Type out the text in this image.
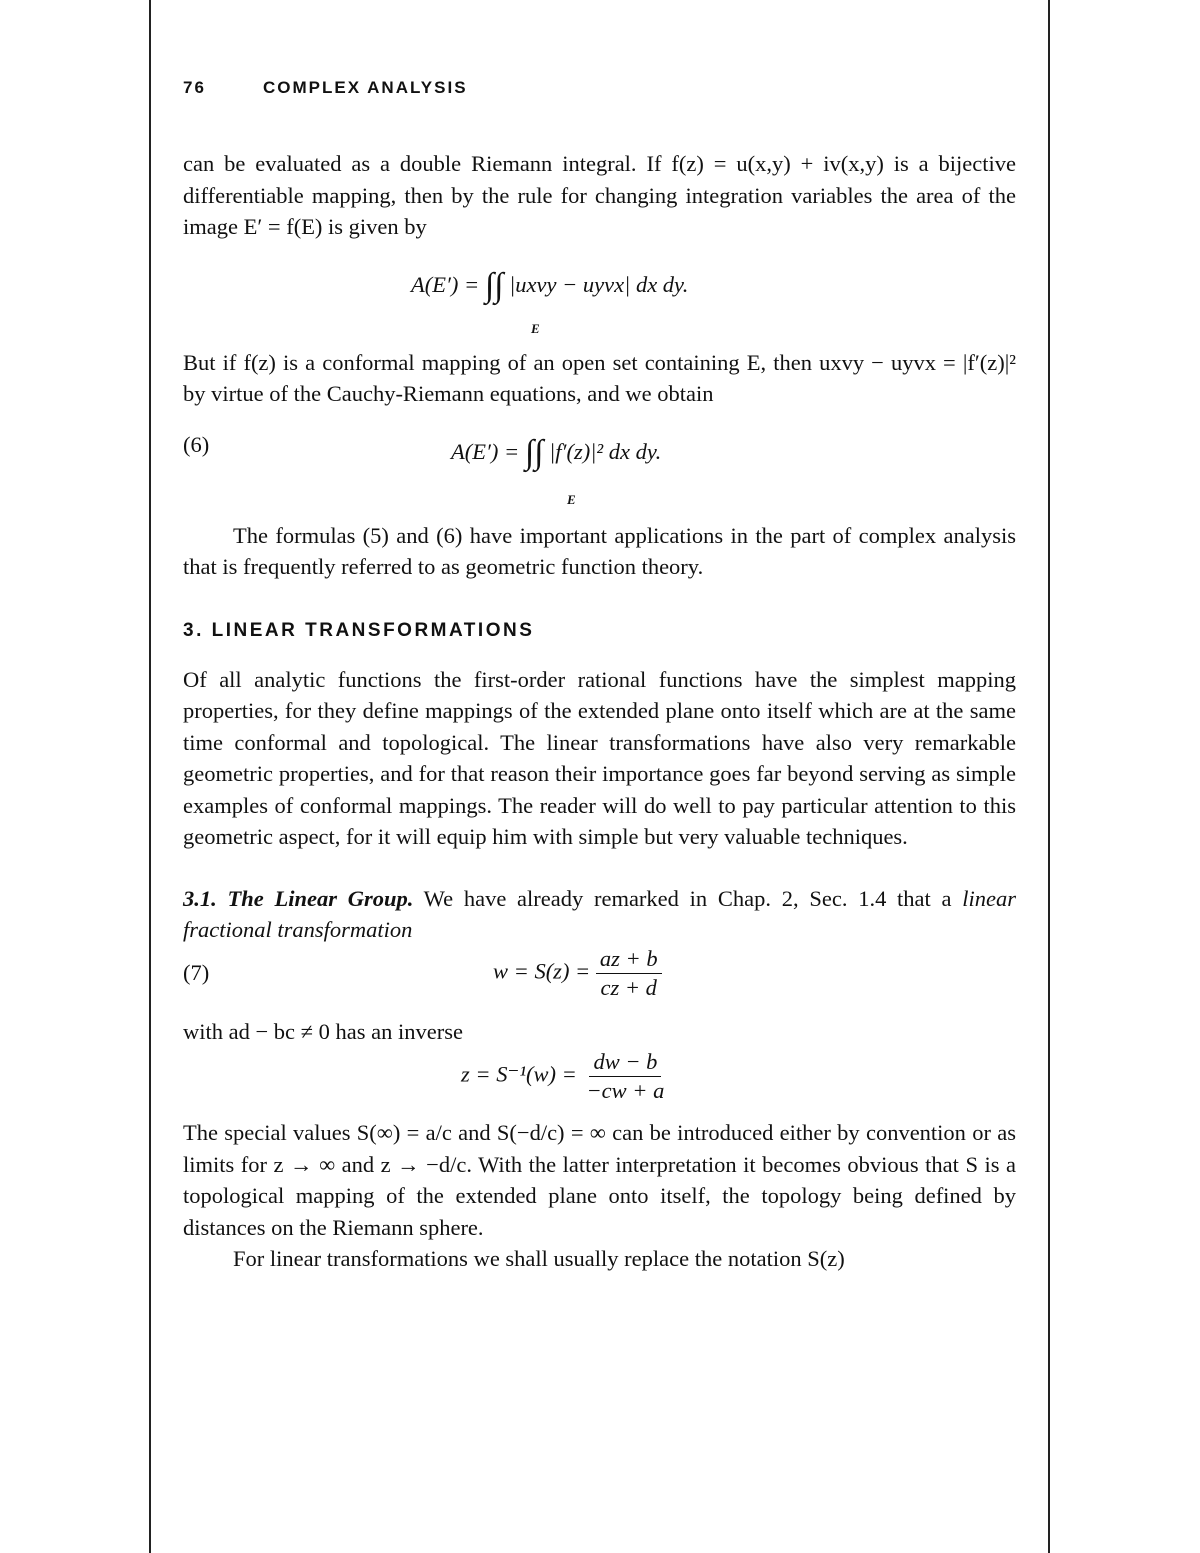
76	COMPLEX ANALYSIS

can be evaluated as a double Riemann integral. If f(z) = u(x,y) + iv(x,y) is a bijective differentiable mapping, then by the rule for changing integration variables the area of the image E′ = f(E) is given by

A(E′) = ∫∫ |uxvy − uyvx| dx dy.
E

But if f(z) is a conformal mapping of an open set containing E, then uxvy − uyvx = |f′(z)|² by virtue of the Cauchy-Riemann equations, and we obtain

(6)	A(E′) = ∫∫ |f′(z)|² dx dy.
E

The formulas (5) and (6) have important applications in the part of complex analysis that is frequently referred to as geometric function theory.

3. LINEAR TRANSFORMATIONS

Of all analytic functions the first-order rational functions have the simplest mapping properties, for they define mappings of the extended plane onto itself which are at the same time conformal and topological. The linear transformations have also very remarkable geometric properties, and for that reason their importance goes far beyond serving as simple examples of conformal mappings. The reader will do well to pay particular attention to this geometric aspect, for it will equip him with simple but very valuable techniques.

3.1. The Linear Group. We have already remarked in Chap. 2, Sec. 1.4 that a linear fractional transformation

(7)	$w = S(z) = \frac{az + b}{cz + d}$

with ad − bc ≠ 0 has an inverse

$z = S^{-1}(w) = \frac{dw - b}{-cw + a}$

The special values S(∞) = a/c and S(−d/c) = ∞ can be introduced either by convention or as limits for z → ∞ and z → −d/c. With the latter interpretation it becomes obvious that S is a topological mapping of the extended plane onto itself, the topology being defined by distances on the Riemann sphere.

For linear transformations we shall usually replace the notation S(z)
